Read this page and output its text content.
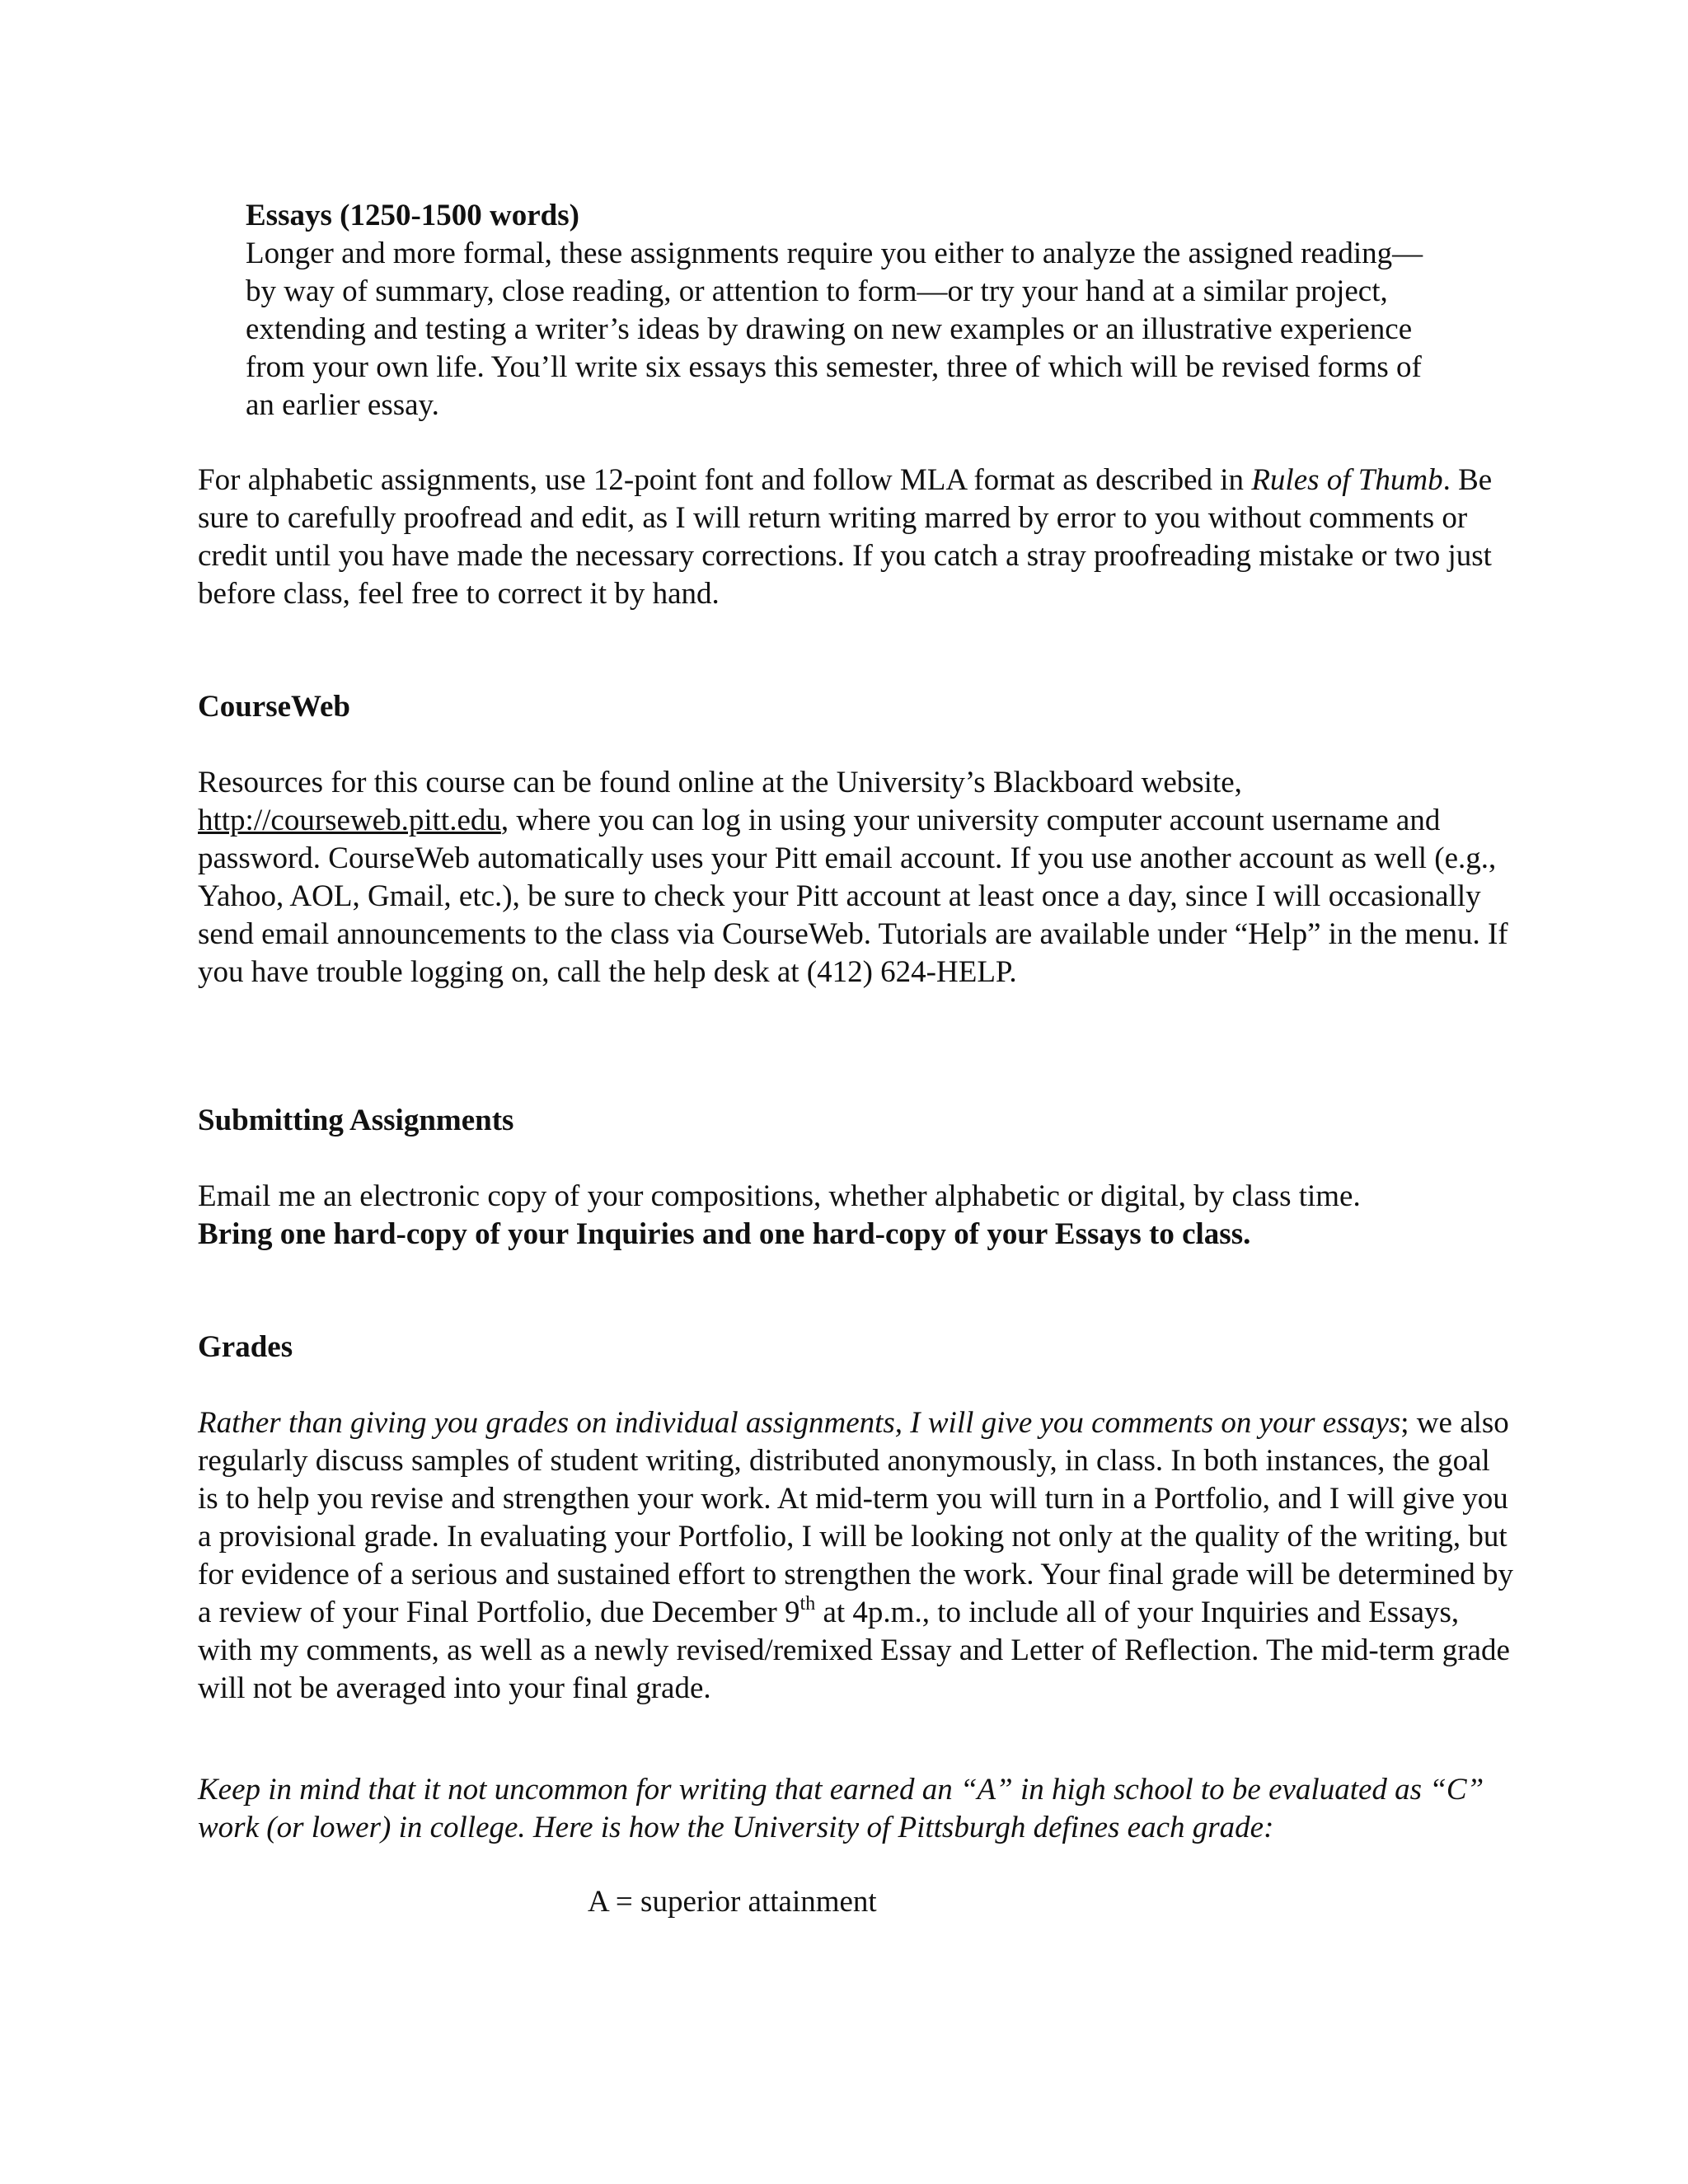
Essays (1250-1500 words)

Longer and more formal, these assignments require you either to analyze the assigned reading—by way of summary, close reading, or attention to form—or try your hand at a similar project, extending and testing a writer’s ideas by drawing on new examples or an illustrative experience from your own life. You’ll write six essays this semester, three of which will be revised forms of an earlier essay.

For alphabetic assignments, use 12-point font and follow MLA format as described in Rules of Thumb. Be sure to carefully proofread and edit, as I will return writing marred by error to you without comments or credit until you have made the necessary corrections. If you catch a stray proofreading mistake or two just before class, feel free to correct it by hand.

CourseWeb

Resources for this course can be found online at the University’s Blackboard website, http://courseweb.pitt.edu, where you can log in using your university computer account username and password. CourseWeb automatically uses your Pitt email account. If you use another account as well (e.g., Yahoo, AOL, Gmail, etc.), be sure to check your Pitt account at least once a day, since I will occasionally send email announcements to the class via CourseWeb. Tutorials are available under “Help” in the menu. If you have trouble logging on, call the help desk at (412) 624-HELP.

Submitting Assignments

Email me an electronic copy of your compositions, whether alphabetic or digital, by class time.

Bring one hard-copy of your Inquiries and one hard-copy of your Essays to class.

Grades

Rather than giving you grades on individual assignments, I will give you comments on your essays; we also regularly discuss samples of student writing, distributed anonymously, in class. In both instances, the goal is to help you revise and strengthen your work. At mid-term you will turn in a Portfolio, and I will give you a provisional grade. In evaluating your Portfolio, I will be looking not only at the quality of the writing, but for evidence of a serious and sustained effort to strengthen the work. Your final grade will be determined by a review of your Final Portfolio, due December 9th at 4p.m., to include all of your Inquiries and Essays, with my comments, as well as a newly revised/remixed Essay and Letter of Reflection. The mid-term grade will not be averaged into your final grade.

Keep in mind that it not uncommon for writing that earned an “A” in high school to be evaluated as “C” work (or lower) in college. Here is how the University of Pittsburgh defines each grade:

A = superior attainment
